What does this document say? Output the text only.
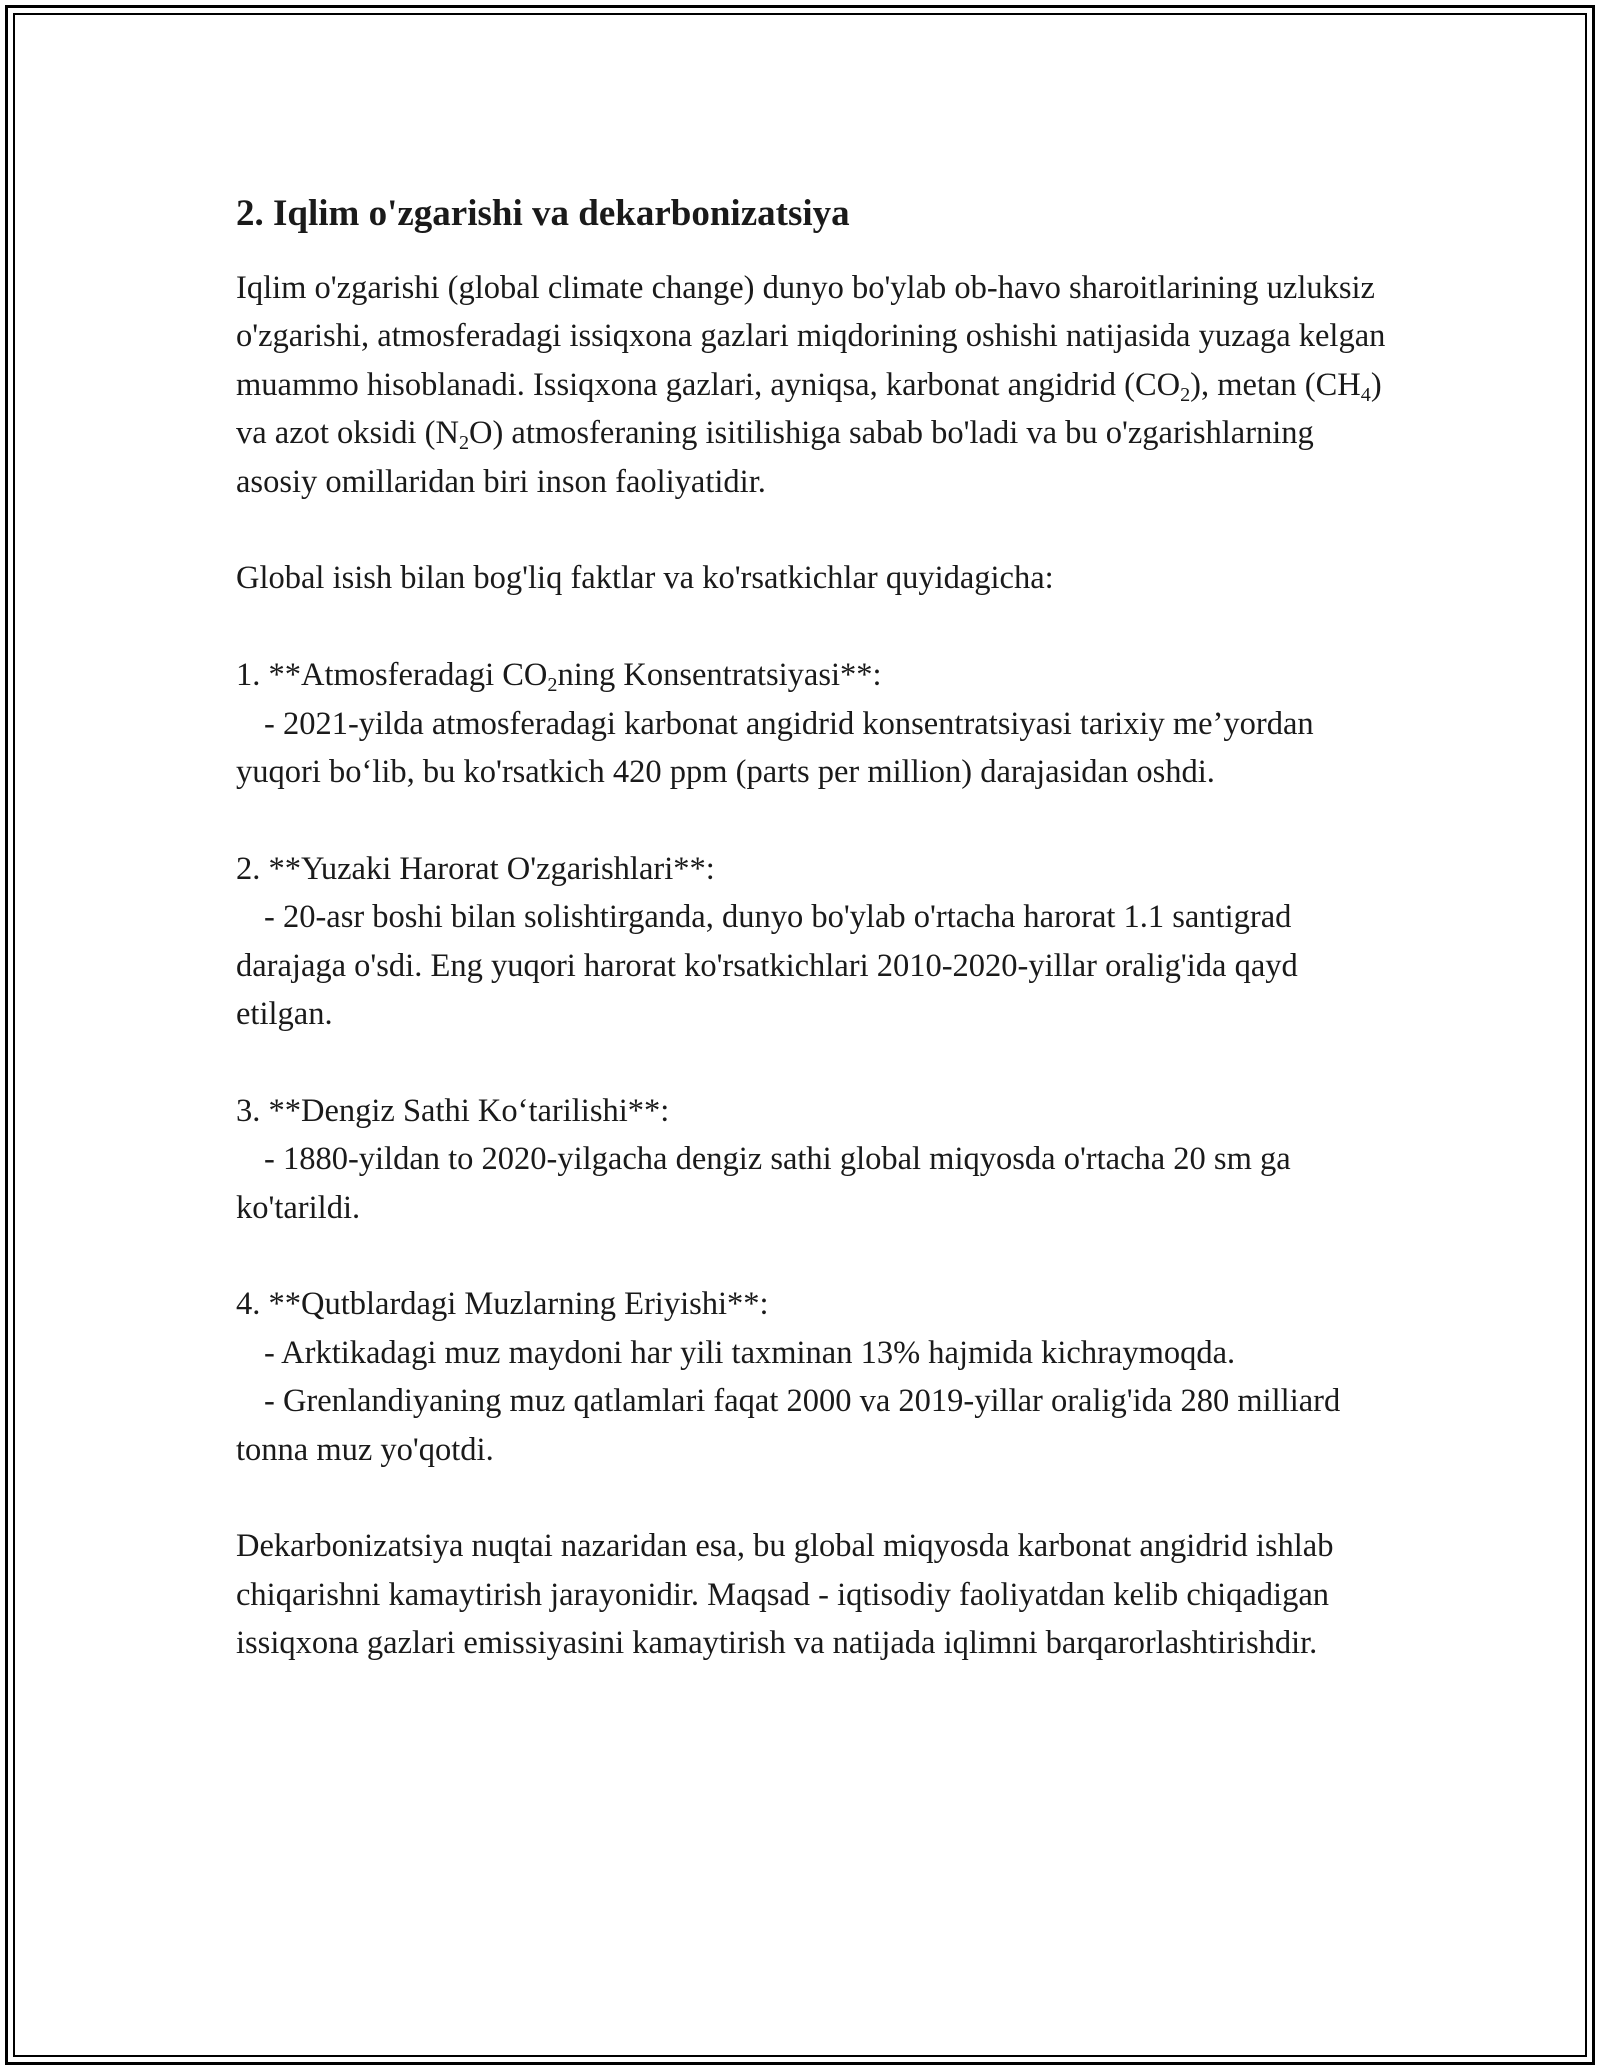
2. Iqlim o'zgarishi va dekarbonizatsiya

Iqlim o'zgarishi (global climate change) dunyo bo'ylab ob-havo sharoitlarining uzluksiz o'zgarishi, atmosferadagi issiqxona gazlari miqdorining oshishi natijasida yuzaga kelgan muammo hisoblanadi. Issiqxona gazlari, ayniqsa, karbonat angidrid $(CO_2)$, metan $(CH_4)$ va azot oksidi $(N_2O)$ atmosferaning isitilishiga sabab bo'ladi va bu o'zgarishlarning asosiy omillaridan biri inson faoliyatidir.

Global isish bilan bog'liq faktlar va ko'rsatkichlar quyidagicha:

1. **Atmosferadagi $CO_2ning$ Konsentratsiyasi**:
- 2021-yilda atmosferadagi karbonat angidrid konsentratsiyasi tarixiy me’yordan yuqori bo‘lib, bu ko'rsatkich 420 ppm (parts per million) darajasidan oshdi.

2. **Yuzaki Harorat O'zgarishlari**:
- 20-asr boshi bilan solishtirganda, dunyo bo'ylab o'rtacha harorat 1.1 santigrad darajaga o'sdi. Eng yuqori harorat ko'rsatkichlari 2010-2020-yillar oralig'ida qayd etilgan.

3. **Dengiz Sathi Ko‘tarilishi**:
- 1880-yildan to 2020-yilgacha dengiz sathi global miqyosda o'rtacha 20 sm ga ko'tarildi.

4. **Qutblardagi Muzlarning Eriyishi**:
- Arktikadagi muz maydoni har yili taxminan 13% hajmida kichraymoqda.
- Grenlandiyaning muz qatlamlari faqat 2000 va 2019-yillar oralig'ida 280 milliard tonna muz yo'qotdi.

Dekarbonizatsiya nuqtai nazaridan esa, bu global miqyosda karbonat angidrid ishlab chiqarishni kamaytirish jarayonidir. Maqsad - iqtisodiy faoliyatdan kelib chiqadigan issiqxona gazlari emissiyasini kamaytirish va natijada iqlimni barqarorlashtirishdir.
